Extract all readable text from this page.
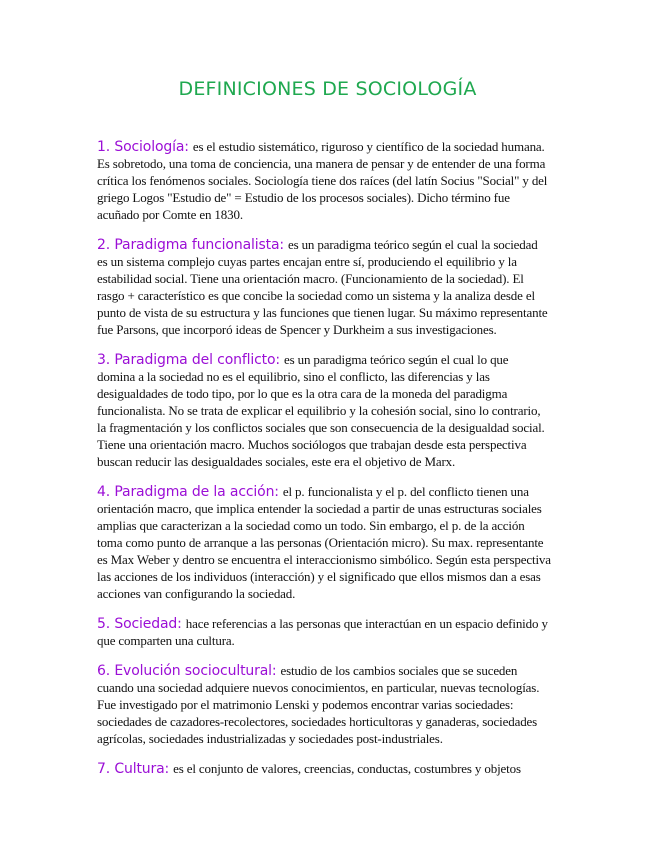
DEFINICIONES DE SOCIOLOGÍA
1. Sociología: es el estudio sistemático, riguroso y científico de la sociedad humana.
Es sobretodo, una toma de conciencia, una manera de pensar y de entender de una forma
crítica los fenómenos sociales. Sociología tiene dos raíces (del latín Socius "Social" y del
griego Logos "Estudio de" = Estudio de los procesos sociales). Dicho término fue
acuñado por Comte en 1830.
2. Paradigma funcionalista: es un paradigma teórico según el cual la sociedad
es un sistema complejo cuyas partes encajan entre sí, produciendo el equilibrio y la
estabilidad social. Tiene una orientación macro. (Funcionamiento de la sociedad). El
rasgo + característico es que concibe la sociedad como un sistema y la analiza desde el
punto de vista de su estructura y las funciones que tienen lugar. Su máximo representante
fue Parsons, que incorporó ideas de Spencer y Durkheim a sus investigaciones.
3. Paradigma del conflicto: es un paradigma teórico según el cual lo que
domina a la sociedad no es el equilibrio, sino el conflicto, las diferencias y las
desigualdades de todo tipo, por lo que es la otra cara de la moneda del paradigma
funcionalista. No se trata de explicar el equilibrio y la cohesión social, sino lo contrario,
la fragmentación y los conflictos sociales que son consecuencia de la desigualdad social.
Tiene una orientación macro. Muchos sociólogos que trabajan desde esta perspectiva
buscan reducir las desigualdades sociales, este era el objetivo de Marx.
4. Paradigma de la acción: el p. funcionalista y el p. del conflicto tienen una
orientación macro, que implica entender la sociedad a partir de unas estructuras sociales
amplias que caracterizan a la sociedad como un todo. Sin embargo, el p. de la acción
toma como punto de arranque a las personas (Orientación micro). Su max. representante
es Max Weber y dentro se encuentra el interaccionismo simbólico. Según esta perspectiva
las acciones de los individuos (interacción) y el significado que ellos mismos dan a esas
acciones van configurando la sociedad.
5. Sociedad: hace referencias a las personas que interactúan en un espacio definido y
que comparten una cultura.
6. Evolución sociocultural: estudio de los cambios sociales que se suceden
cuando una sociedad adquiere nuevos conocimientos, en particular, nuevas tecnologías.
Fue investigado por el matrimonio Lenski y podemos encontrar varias sociedades:
sociedades de cazadores-recolectores, sociedades horticultoras y ganaderas, sociedades
agrícolas, sociedades industrializadas y sociedades post-industriales.
7. Cultura: es el conjunto de valores, creencias, conductas, costumbres y objetos
